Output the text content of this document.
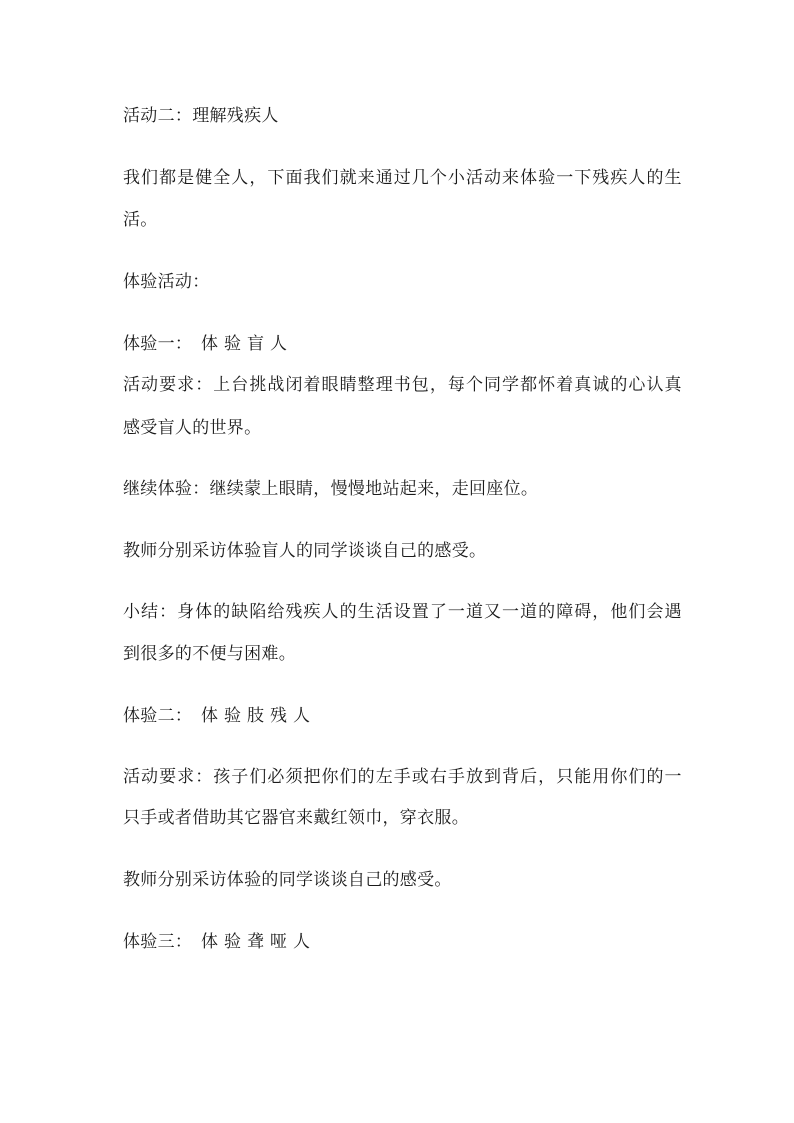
活动二：理解残疾人
我们都是健全人，下面我们就来通过几个小活动来体验一下残疾人的生
活。
体验活动：
体验一：　体 验 盲 人
活动要求：上台挑战闭着眼睛整理书包，每个同学都怀着真诚的心认真
感受盲人的世界。
继续体验：继续蒙上眼睛，慢慢地站起来，走回座位。
教师分别采访体验盲人的同学谈谈自己的感受。
小结：身体的缺陷给残疾人的生活设置了一道又一道的障碍，他们会遇
到很多的不便与困难。
体验二：　体 验 肢 残 人
活动要求：孩子们必须把你们的左手或右手放到背后，只能用你们的一
只手或者借助其它器官来戴红领巾，穿衣服。
教师分别采访体验的同学谈谈自己的感受。
体验三：　体 验 聋 哑 人
